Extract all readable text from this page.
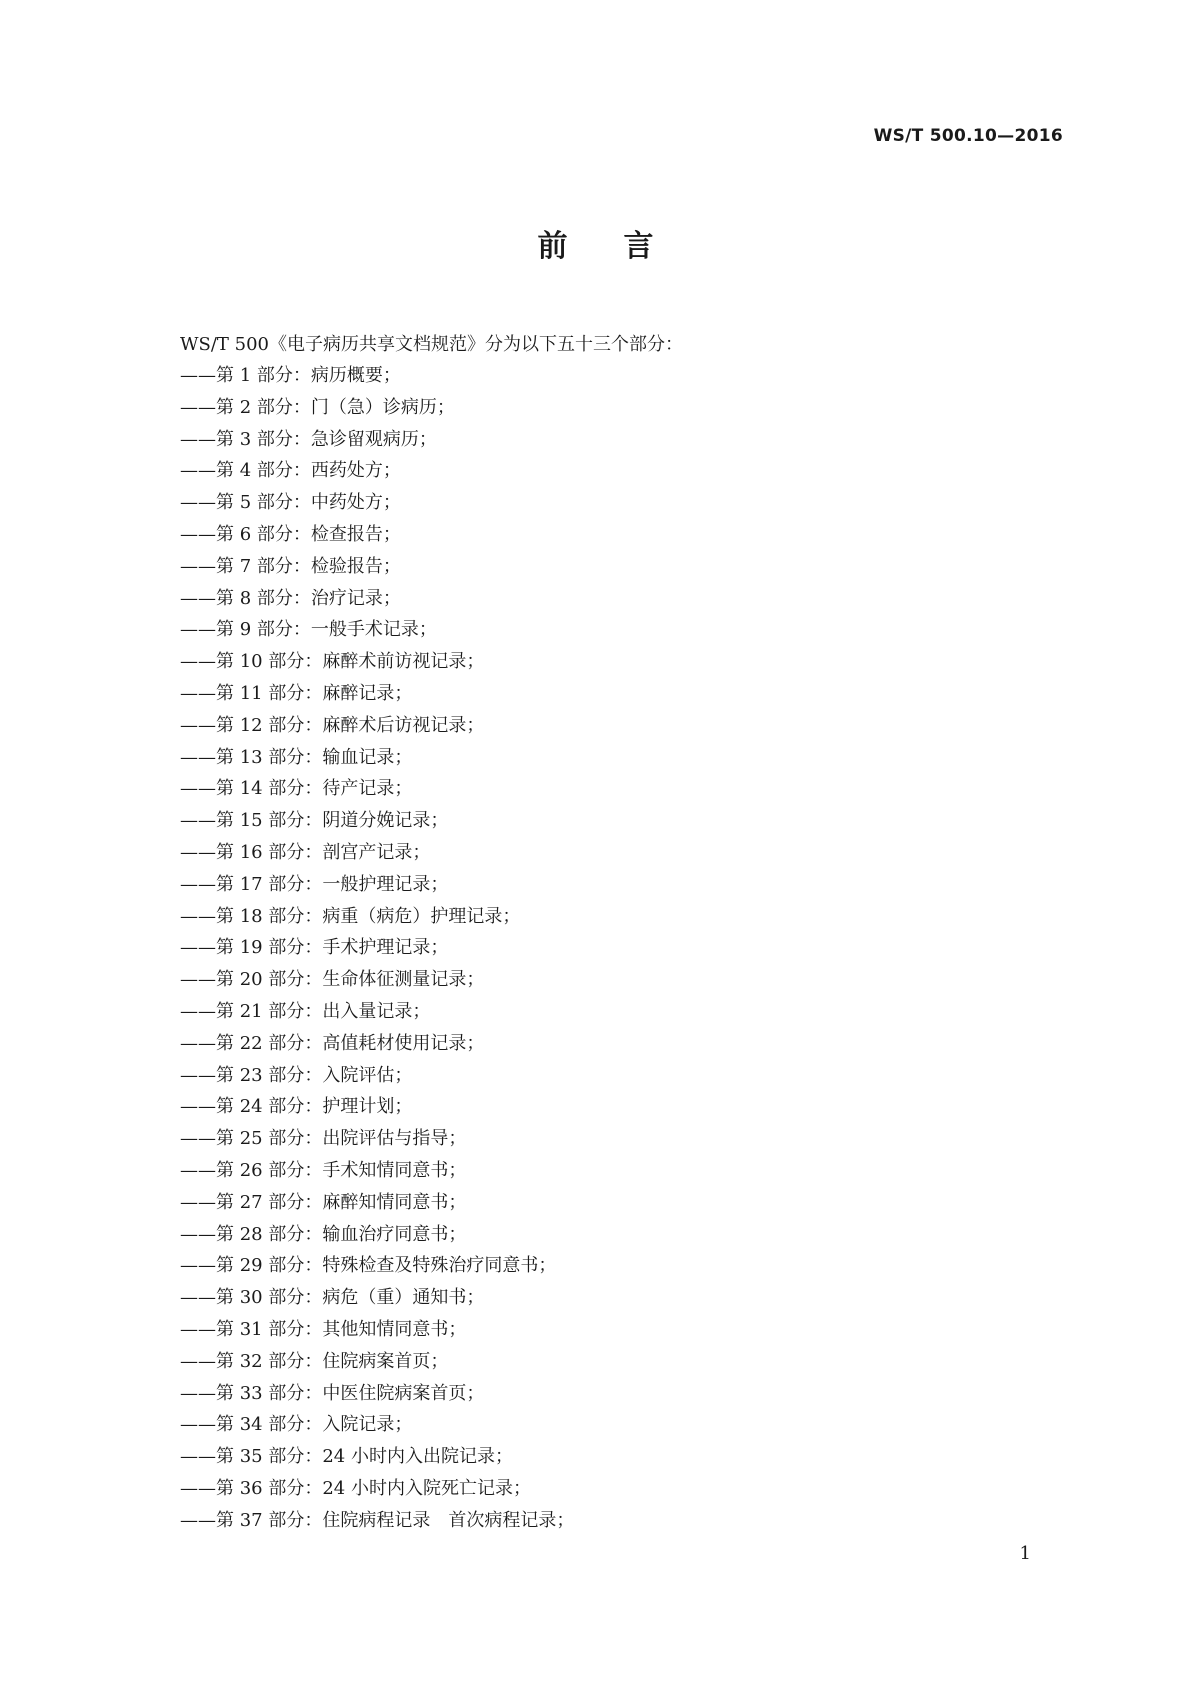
WS/T 500.10—2016
前言
WS/T 500《电子病历共享文档规范》分为以下五十三个部分：
——第 1 部分：病历概要；
——第 2 部分：门（急）诊病历；
——第 3 部分：急诊留观病历；
——第 4 部分：西药处方；
——第 5 部分：中药处方；
——第 6 部分：检查报告；
——第 7 部分：检验报告；
——第 8 部分：治疗记录；
——第 9 部分：一般手术记录；
——第 10 部分：麻醉术前访视记录；
——第 11 部分：麻醉记录；
——第 12 部分：麻醉术后访视记录；
——第 13 部分：输血记录；
——第 14 部分：待产记录；
——第 15 部分：阴道分娩记录；
——第 16 部分：剖宫产记录；
——第 17 部分：一般护理记录；
——第 18 部分：病重（病危）护理记录；
——第 19 部分：手术护理记录；
——第 20 部分：生命体征测量记录；
——第 21 部分：出入量记录；
——第 22 部分：高值耗材使用记录；
——第 23 部分：入院评估；
——第 24 部分：护理计划；
——第 25 部分：出院评估与指导；
——第 26 部分：手术知情同意书；
——第 27 部分：麻醉知情同意书；
——第 28 部分：输血治疗同意书；
——第 29 部分：特殊检查及特殊治疗同意书；
——第 30 部分：病危（重）通知书；
——第 31 部分：其他知情同意书；
——第 32 部分：住院病案首页；
——第 33 部分：中医住院病案首页；
——第 34 部分：入院记录；
——第 35 部分：24 小时内入出院记录；
——第 36 部分：24 小时内入院死亡记录；
——第 37 部分：住院病程记录　首次病程记录；
1
